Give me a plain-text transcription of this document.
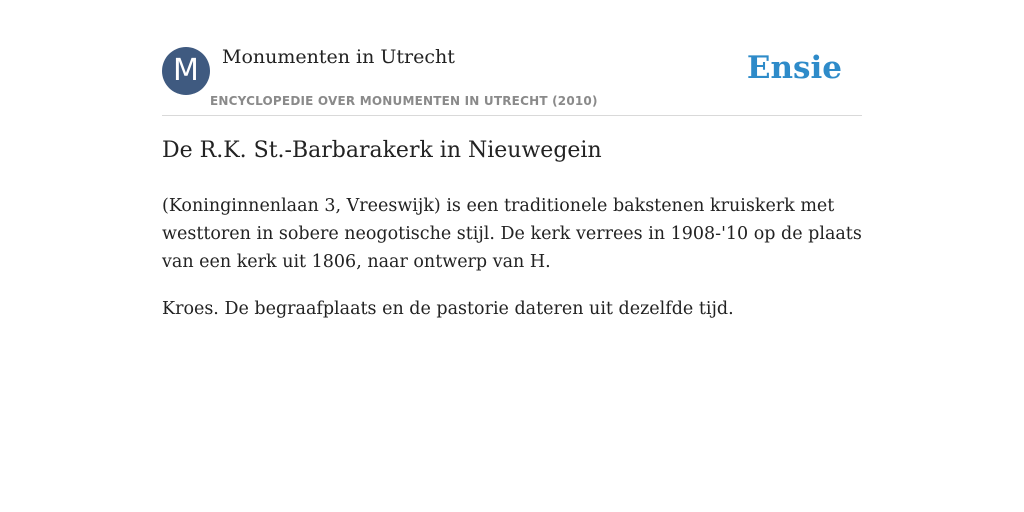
M	Monumenten in Utrecht
ENCYCLOPEDIE OVER MONUMENTEN IN UTRECHT (2010)
Ensie
De R.K. St.-Barbarakerk in Nieuwegein

(Koninginnenlaan 3, Vreeswijk) is een traditionele bakstenen kruiskerk met westtoren in sobere neogotische stijl. De kerk verrees in 1908-'10 op de plaats van een kerk uit 1806, naar ontwerp van H.

Kroes. De begraafplaats en de pastorie dateren uit dezelfde tijd.
